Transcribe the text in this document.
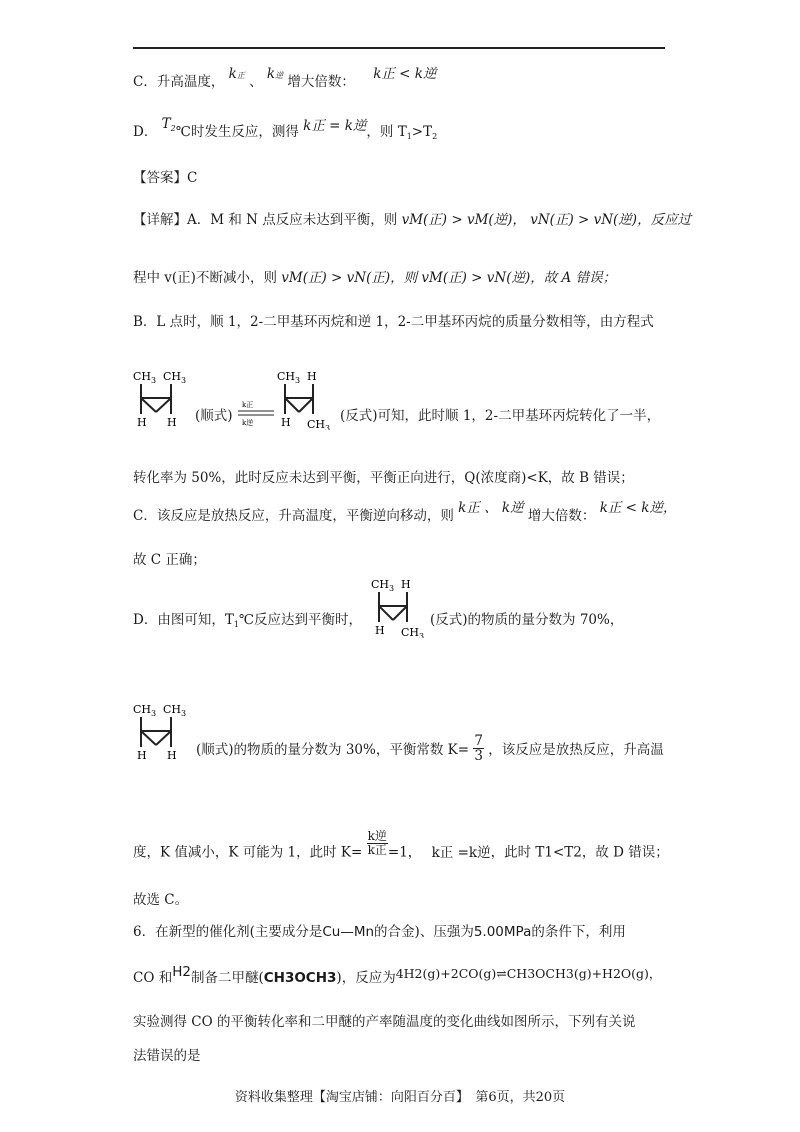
C．升高温度， k正 、 k逆 增大倍数： k正 < k逆
D． $T_2℃$时发生反应，测得 k正 = k逆，则 $T_1>T_2$
【答案】C
【详解】A．M 和 N 点反应未达到平衡，则 vM(正) > vM(逆)， vN(正) > vN(逆)，反应过
程中 v(正)不断减小，则 vM(正) > vN(正)，则 vM(正) > vN(逆)，故 A 错误；
B．L 点时，顺 1，2-二甲基环丙烷和逆 1，2-二甲基环丙烷的质量分数相等，由方程式
$CH_3$ $CH_3$
H H (顺式)
k正
k逆
$CH_3$ H
H $CH_3$
(反式)可知，此时顺 1，2-二甲基环丙烷转化了一半，
转化率为 50%，此时反应未达到平衡，平衡正向进行，Q(浓度商)<K，故 B 错误；
C．该反应是放热反应，升高温度，平衡逆向移动，则 k正 、 k逆 增大倍数： k正 < k逆，
故 C 正确；
D．由图可知，$T_1℃$反应达到平衡时，
$CH_3$ H
H $CH_3$
(反式)的物质的量分数为 70%，
$CH_3$ $CH_3$
H H (顺式)的物质的量分数为 30%，平衡常数 $K= \frac{7}{3}$ ，该反应是放热反应，升高温
度，K 值减小，K 可能为 1，此时 $K= \frac{\text{k逆}}{\text{k正}} =1$， k正 =k逆，此时 T1<T2，故 D 错误；
故选 C。
6．在新型的催化剂(主要成分是Cu—Mn的合金)、压强为5.00MPa的条件下，利用
CO 和H2制备二甲醚(CH3OCH3)，反应为4H2(g)+2CO(g)⇌CH3OCH3(g)+H2O(g)，
实验测得 CO 的平衡转化率和二甲醚的产率随温度的变化曲线如图所示，下列有关说
法错误的是
资料收集整理【淘宝店铺：向阳百分百】　第6页，共20页
